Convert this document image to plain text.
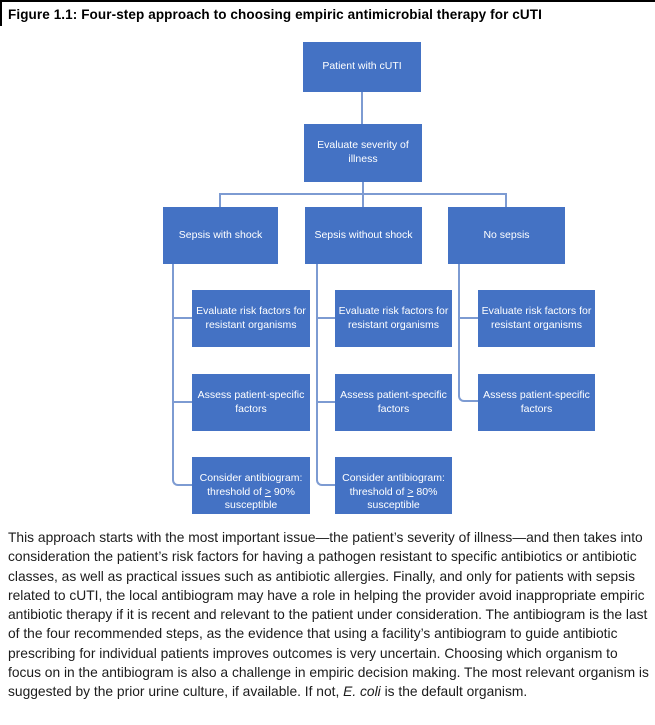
Figure 1.1: Four-step approach to choosing empiric antimicrobial therapy for cUTI
Patient with cUTI
Evaluate severity of
illness
Sepsis with shock	Sepsis without shock	No sepsis
Evaluate risk factors for
resistant organisms
Evaluate risk factors for
resistant organisms
Evaluate risk factors for
resistant organisms
Assess patient-specific
factors
Assess patient-specific
factors
Assess patient-specific
factors

Consider antibiogram:
threshold of ≥ 90%
susceptible

Consider antibiogram:
threshold of ≥ 80%
susceptible

This approach starts with the most important issue—the patient’s severity of illness—and then takes into consideration the patient’s risk factors for having a pathogen resistant to specific antibiotics or antibiotic classes, as well as practical issues such as antibiotic allergies. Finally, and only for patients with sepsis related to cUTI, the local antibiogram may have a role in helping the provider avoid inappropriate empiric antibiotic therapy if it is recent and relevant to the patient under consideration. The antibiogram is the last of the four recommended steps, as the evidence that using a facility’s antibiogram to guide antibiotic prescribing for individual patients improves outcomes is very uncertain. Choosing which organism to focus on in the antibiogram is also a challenge in empiric decision making. The most relevant organism is suggested by the prior urine culture, if available. If not, E. coli is the default organism.
